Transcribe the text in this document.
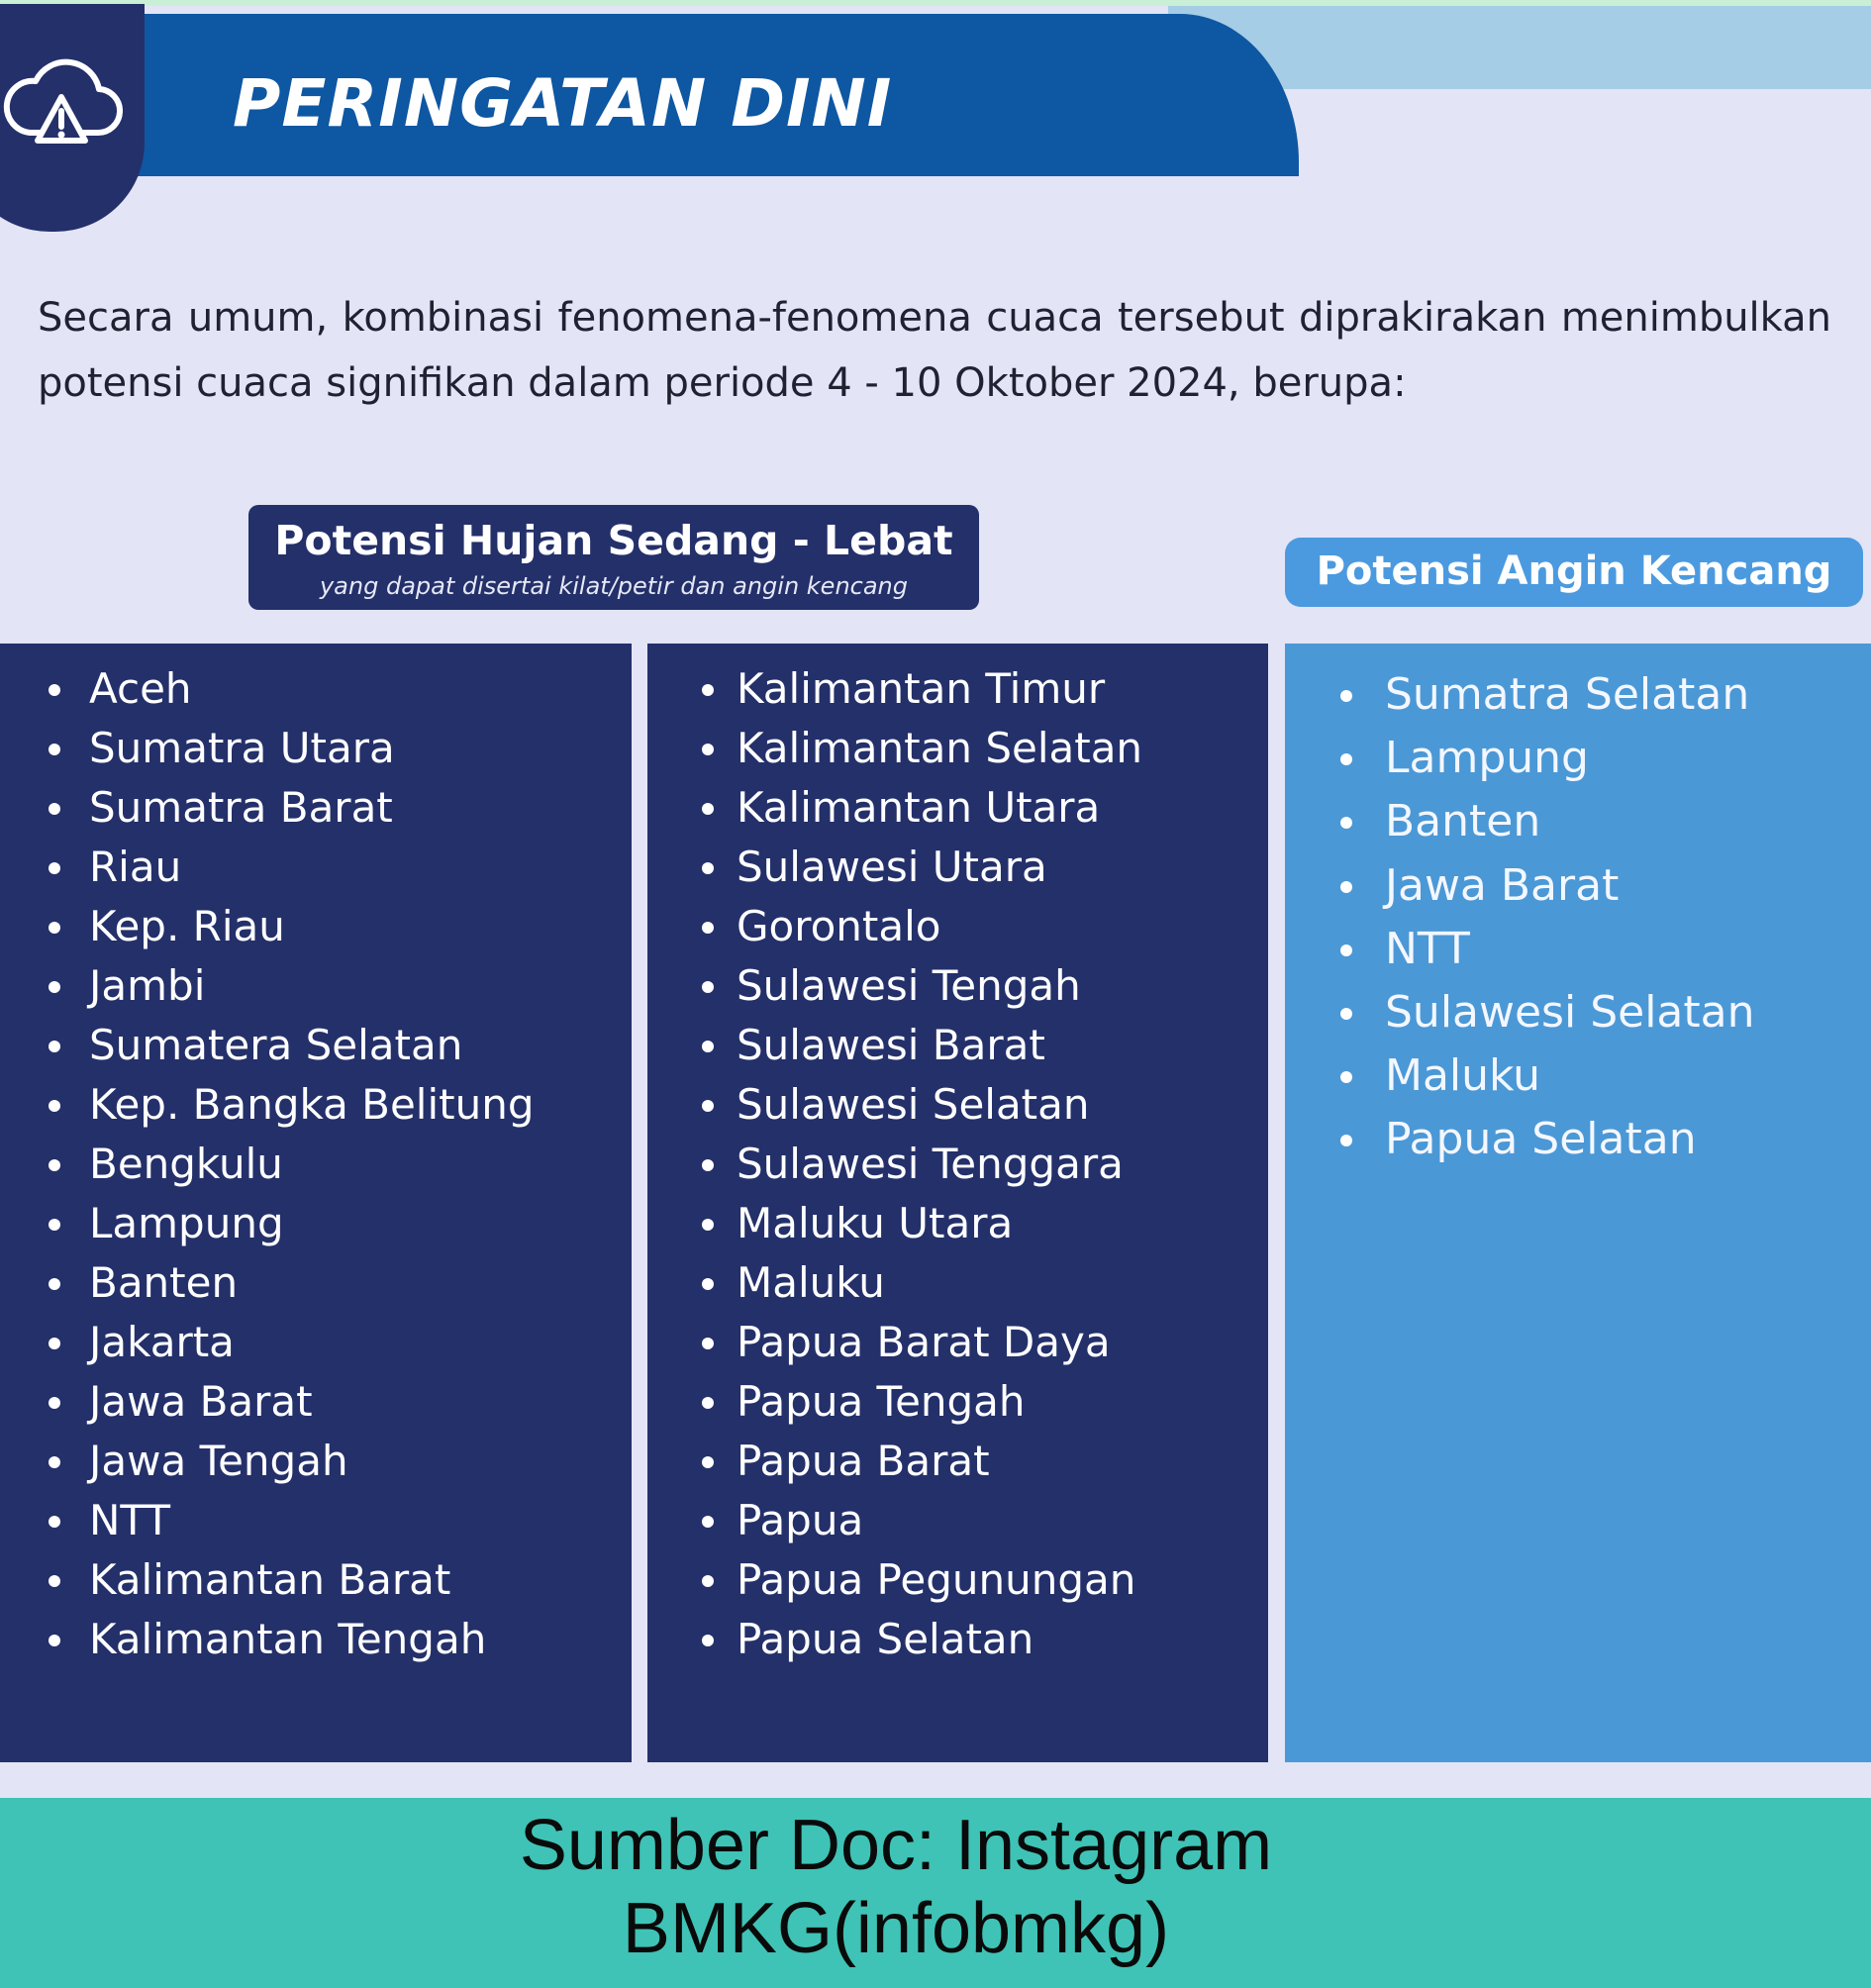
PERINGATAN DINI

Secara umum, kombinasi fenomena-fenomena cuaca tersebut diprakirakan menimbulkan potensi cuaca signifikan dalam periode 4 - 10 Oktober 2024, berupa:

Potensi Hujan Sedang - Lebat
yang dapat disertai kilat/petir dan angin kencang	Potensi Angin Kencang
Aceh
Sumatra Utara
Sumatra Barat
Riau
Kep. Riau
Jambi
Sumatera Selatan
Kep. Bangka Belitung
Bengkulu
Lampung
Banten
Jakarta
Jawa Barat
Jawa Tengah
NTT
Kalimantan Barat
Kalimantan Tengah
Kalimantan Timur
Kalimantan Selatan
Kalimantan Utara
Sulawesi Utara
Gorontalo
Sulawesi Tengah
Sulawesi Barat
Sulawesi Selatan
Sulawesi Tenggara
Maluku Utara
Maluku
Papua Barat Daya
Papua Tengah
Papua Barat
Papua
Papua Pegunungan
Papua Selatan
Sumatra Selatan
Lampung
Banten
Jawa Barat
NTT
Sulawesi Selatan
Maluku
Papua Selatan

Sumber Doc: Instagram
BMKG(infobmkg)
